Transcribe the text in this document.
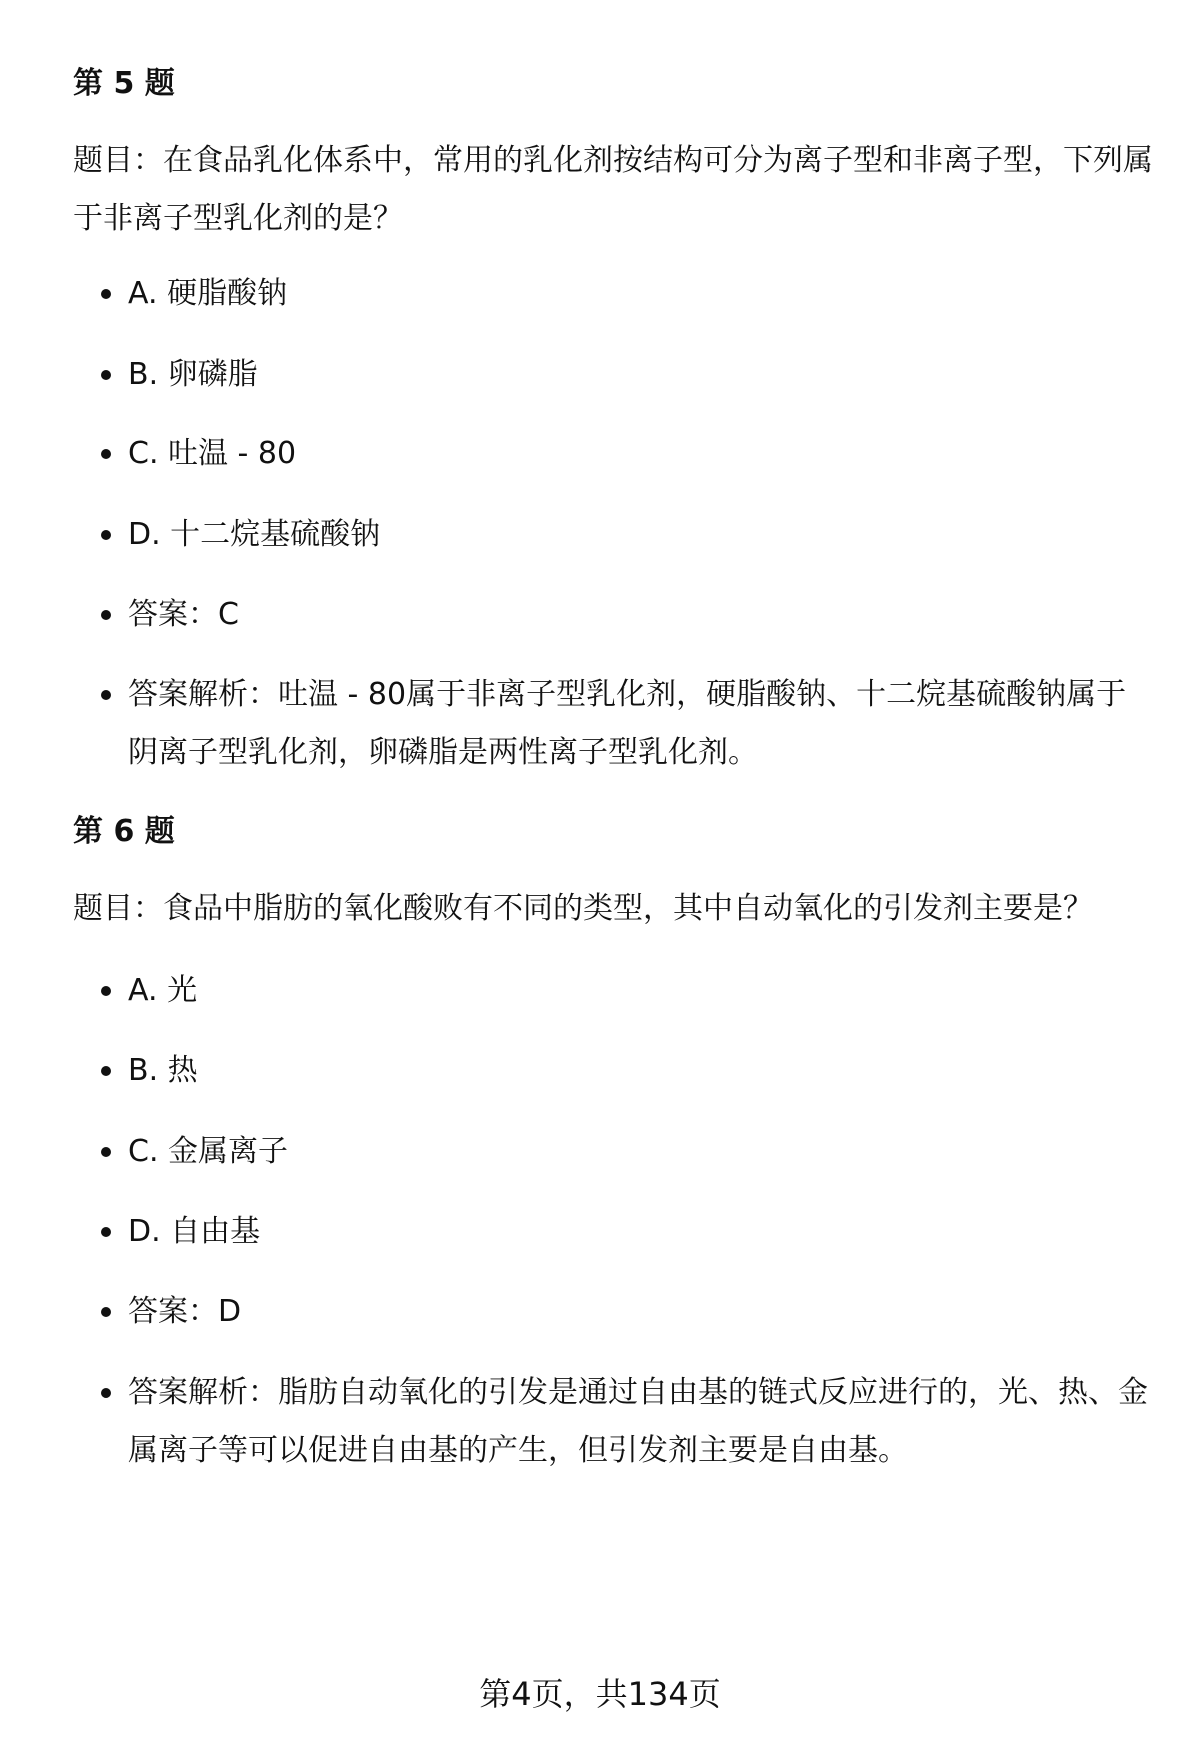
第 5 题
题目：在食品乳化体系中，常用的乳化剂按结构可分为离子型和非离子型，下列属于非离子型乳化剂的是？
A. 硬脂酸钠
B. 卵磷脂
C. 吐温 - 80
D. 十二烷基硫酸钠
答案：C
答案解析：吐温 - 80属于非离子型乳化剂，硬脂酸钠、十二烷基硫酸钠属于阴离子型乳化剂，卵磷脂是两性离子型乳化剂。
第 6 题
题目：食品中脂肪的氧化酸败有不同的类型，其中自动氧化的引发剂主要是？
A. 光
B. 热
C. 金属离子
D. 自由基
答案：D
答案解析：脂肪自动氧化的引发是通过自由基的链式反应进行的，光、热、金属离子等可以促进自由基的产生，但引发剂主要是自由基。
第4页，共134页
